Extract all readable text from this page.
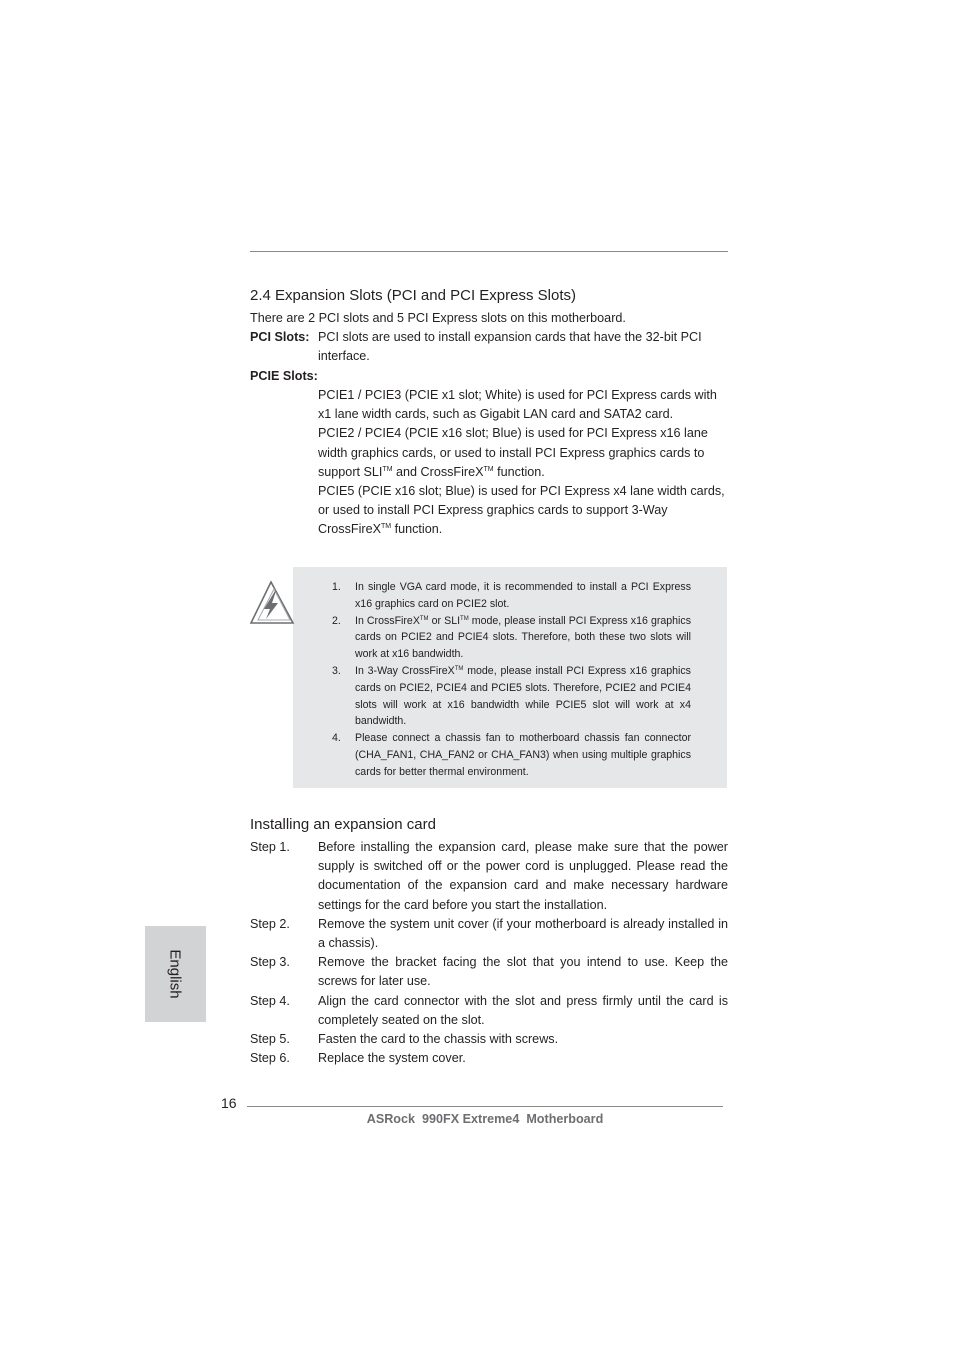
2.4 Expansion Slots (PCI and PCI Express Slots)
There are 2 PCI slots and 5 PCI Express slots on this motherboard.
PCI Slots: PCI slots are used to install expansion cards that have the 32-bit PCI interface.
PCIE Slots:

PCIE1 / PCIE3 (PCIE x1 slot; White) is used for PCI Express cards with x1 lane width cards, such as Gigabit LAN card and SATA2 card.

PCIE2 / PCIE4 (PCIE x16 slot; Blue) is used for PCI Express x16 lane width graphics cards, or used to install PCI Express graphics cards to support SLI™ and CrossFireX™ function.

PCIE5 (PCIE x16 slot; Blue) is used for PCI Express x4 lane width cards, or used to install PCI Express graphics cards to support 3-Way CrossFireX™ function.

1. In single VGA card mode, it is recommended to install a PCI Express x16 graphics card on PCIE2 slot.
2. In CrossFireX™ or SLI™ mode, please install PCI Express x16 graphics cards on PCIE2 and PCIE4 slots. Therefore, both these two slots will work at x16 bandwidth.
3. In 3-Way CrossFireX™ mode, please install PCI Express x16 graphics cards on PCIE2, PCIE4 and PCIE5 slots. Therefore, PCIE2 and PCIE4 slots will work at x16 bandwidth while PCIE5 slot will work at x4 bandwidth.
4. Please connect a chassis fan to motherboard chassis fan connector (CHA_FAN1, CHA_FAN2 or CHA_FAN3) when using multiple graphics cards for better thermal environment.
Installing an expansion card
Step 1. Before installing the expansion card, please make sure that the power supply is switched off or the power cord is unplugged. Please read the documentation of the expansion card and make necessary hardware settings for the card before you start the installation.
Step 2. Remove the system unit cover (if your motherboard is already installed in a chassis).
Step 3. Remove the bracket facing the slot that you intend to use. Keep the screws for later use.
Step 4. Align the card connector with the slot and press firmly until the card is completely seated on the slot.
Step 5. Fasten the card to the chassis with screws.
Step 6. Replace the system cover.
English
16
ASRock  990FX Extreme4  Motherboard
